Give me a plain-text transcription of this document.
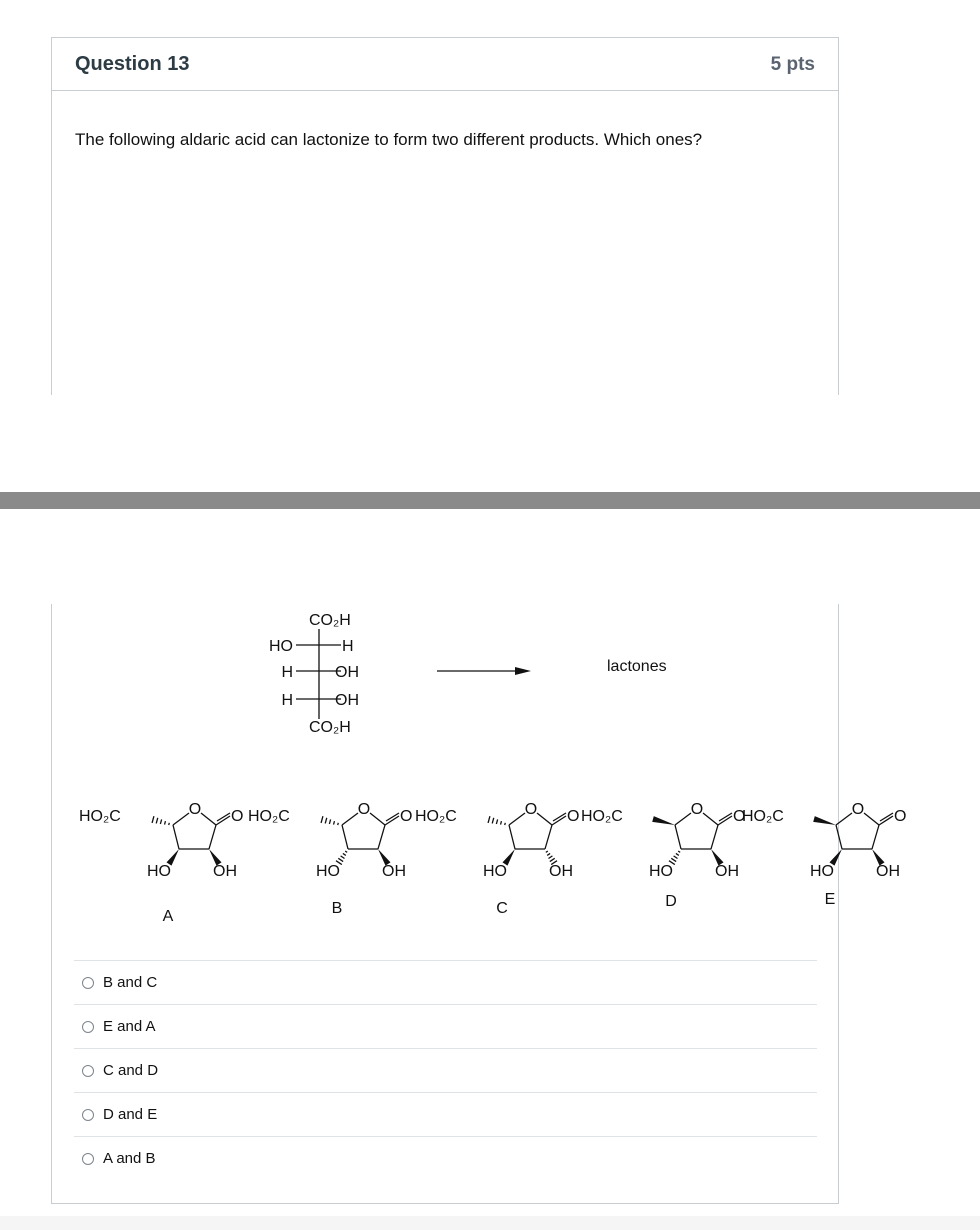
Question 13	5 pts
The following aldaric acid can lactonize to form two different products. Which ones?
CO₂H
HO	H
H	OH
H	OH
CO₂H
lactones
HO₂C	O O
HO	OH
A
HO₂C	O O
HO	OH
B
HO₂C	O O
HO	OH
C
HO₂C	O O
HO	OH
D
HO₂C	O O
HO	OH
E
B and C
E and A
C and D
D and E
A and B
